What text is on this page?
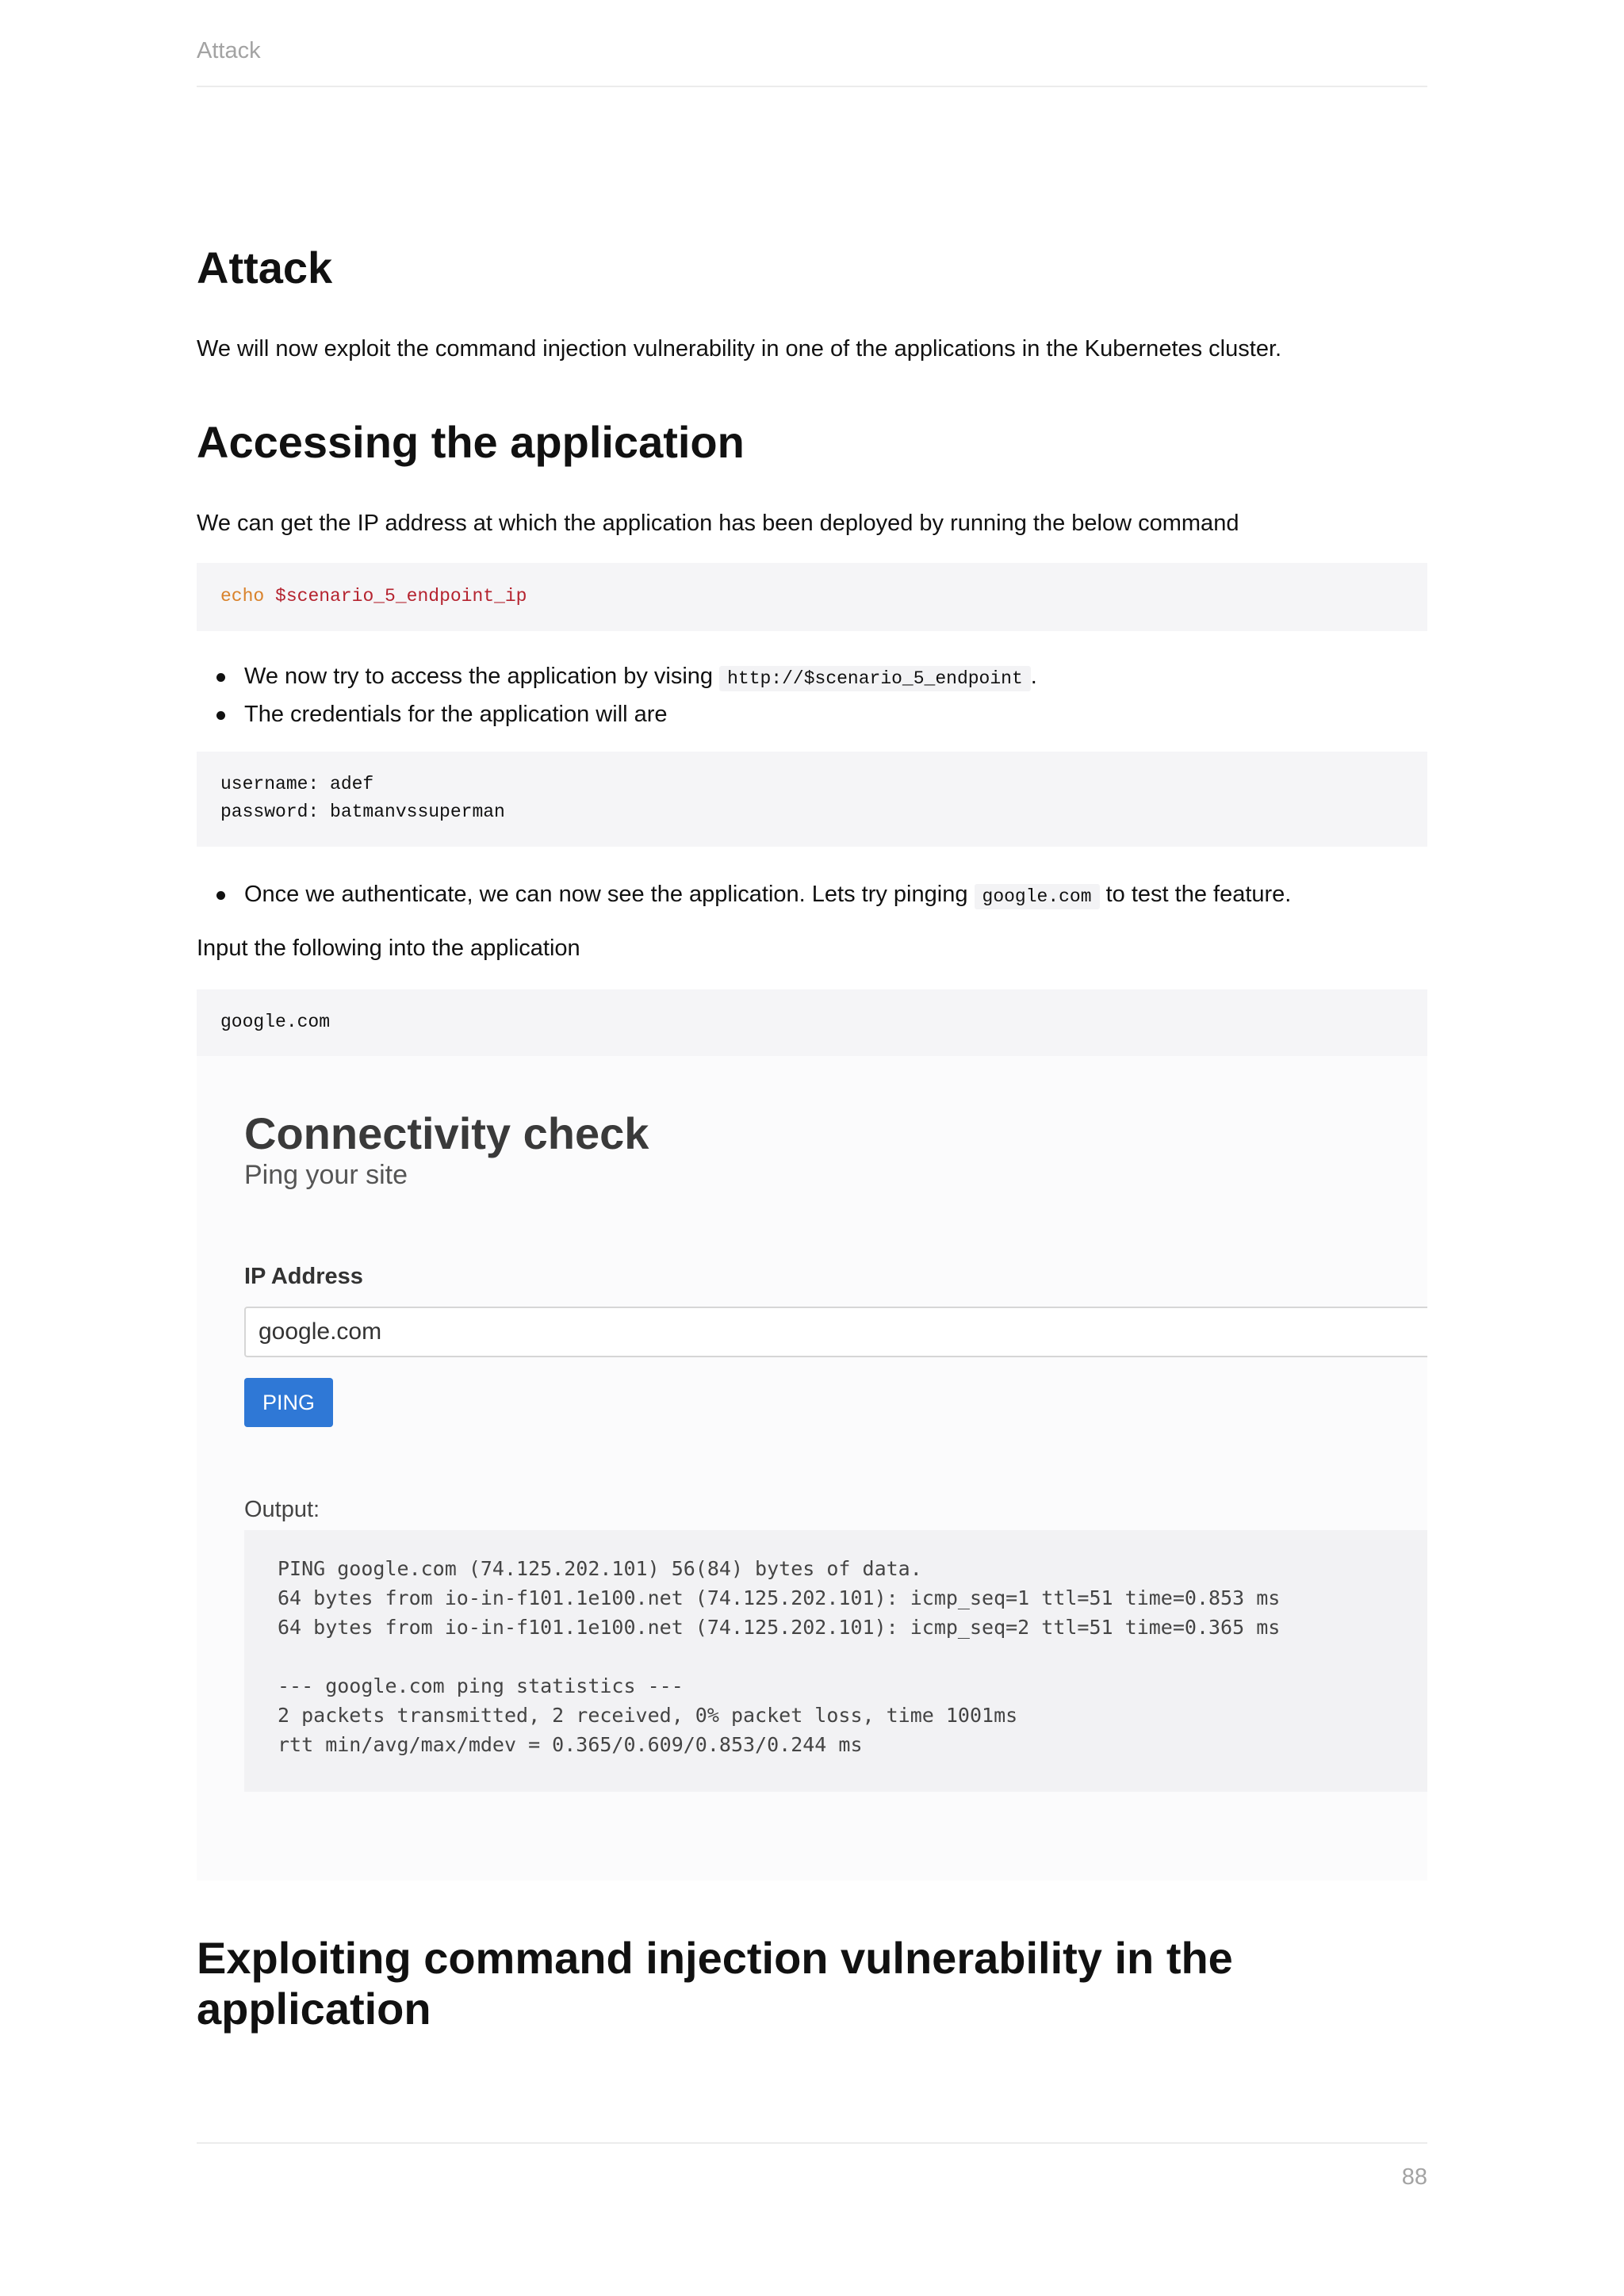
Attack
Attack

We will now exploit the command injection vulnerability in one of the applications in the Kubernetes cluster.

Accessing the application

We can get the IP address at which the application has been deployed by running the below command

echo $scenario_5_endpoint_ip
We now try to access the application by vising http://$scenario_5_endpoint .
The credentials for the application will are
username: adef
password: batmanvssuperman
Once we authenticate, we can now see the application. Lets try pinging google.com to test the feature.

Input the following into the application

google.com
Connectivity check
Ping your site
IP Address
google.com
PING
Output:
PING google.com (74.125.202.101) 56(84) bytes of data.
64 bytes from io-in-f101.1e100.net (74.125.202.101): icmp_seq=1 ttl=51 time=0.853 ms
64 bytes from io-in-f101.1e100.net (74.125.202.101): icmp_seq=2 ttl=51 time=0.365 ms
--- google.com ping statistics ---
2 packets transmitted, 2 received, 0% packet loss, time 1001ms
rtt min/avg/max/mdev = 0.365/0.609/0.853/0.244 ms
Exploiting command injection vulnerability in the
application
88
